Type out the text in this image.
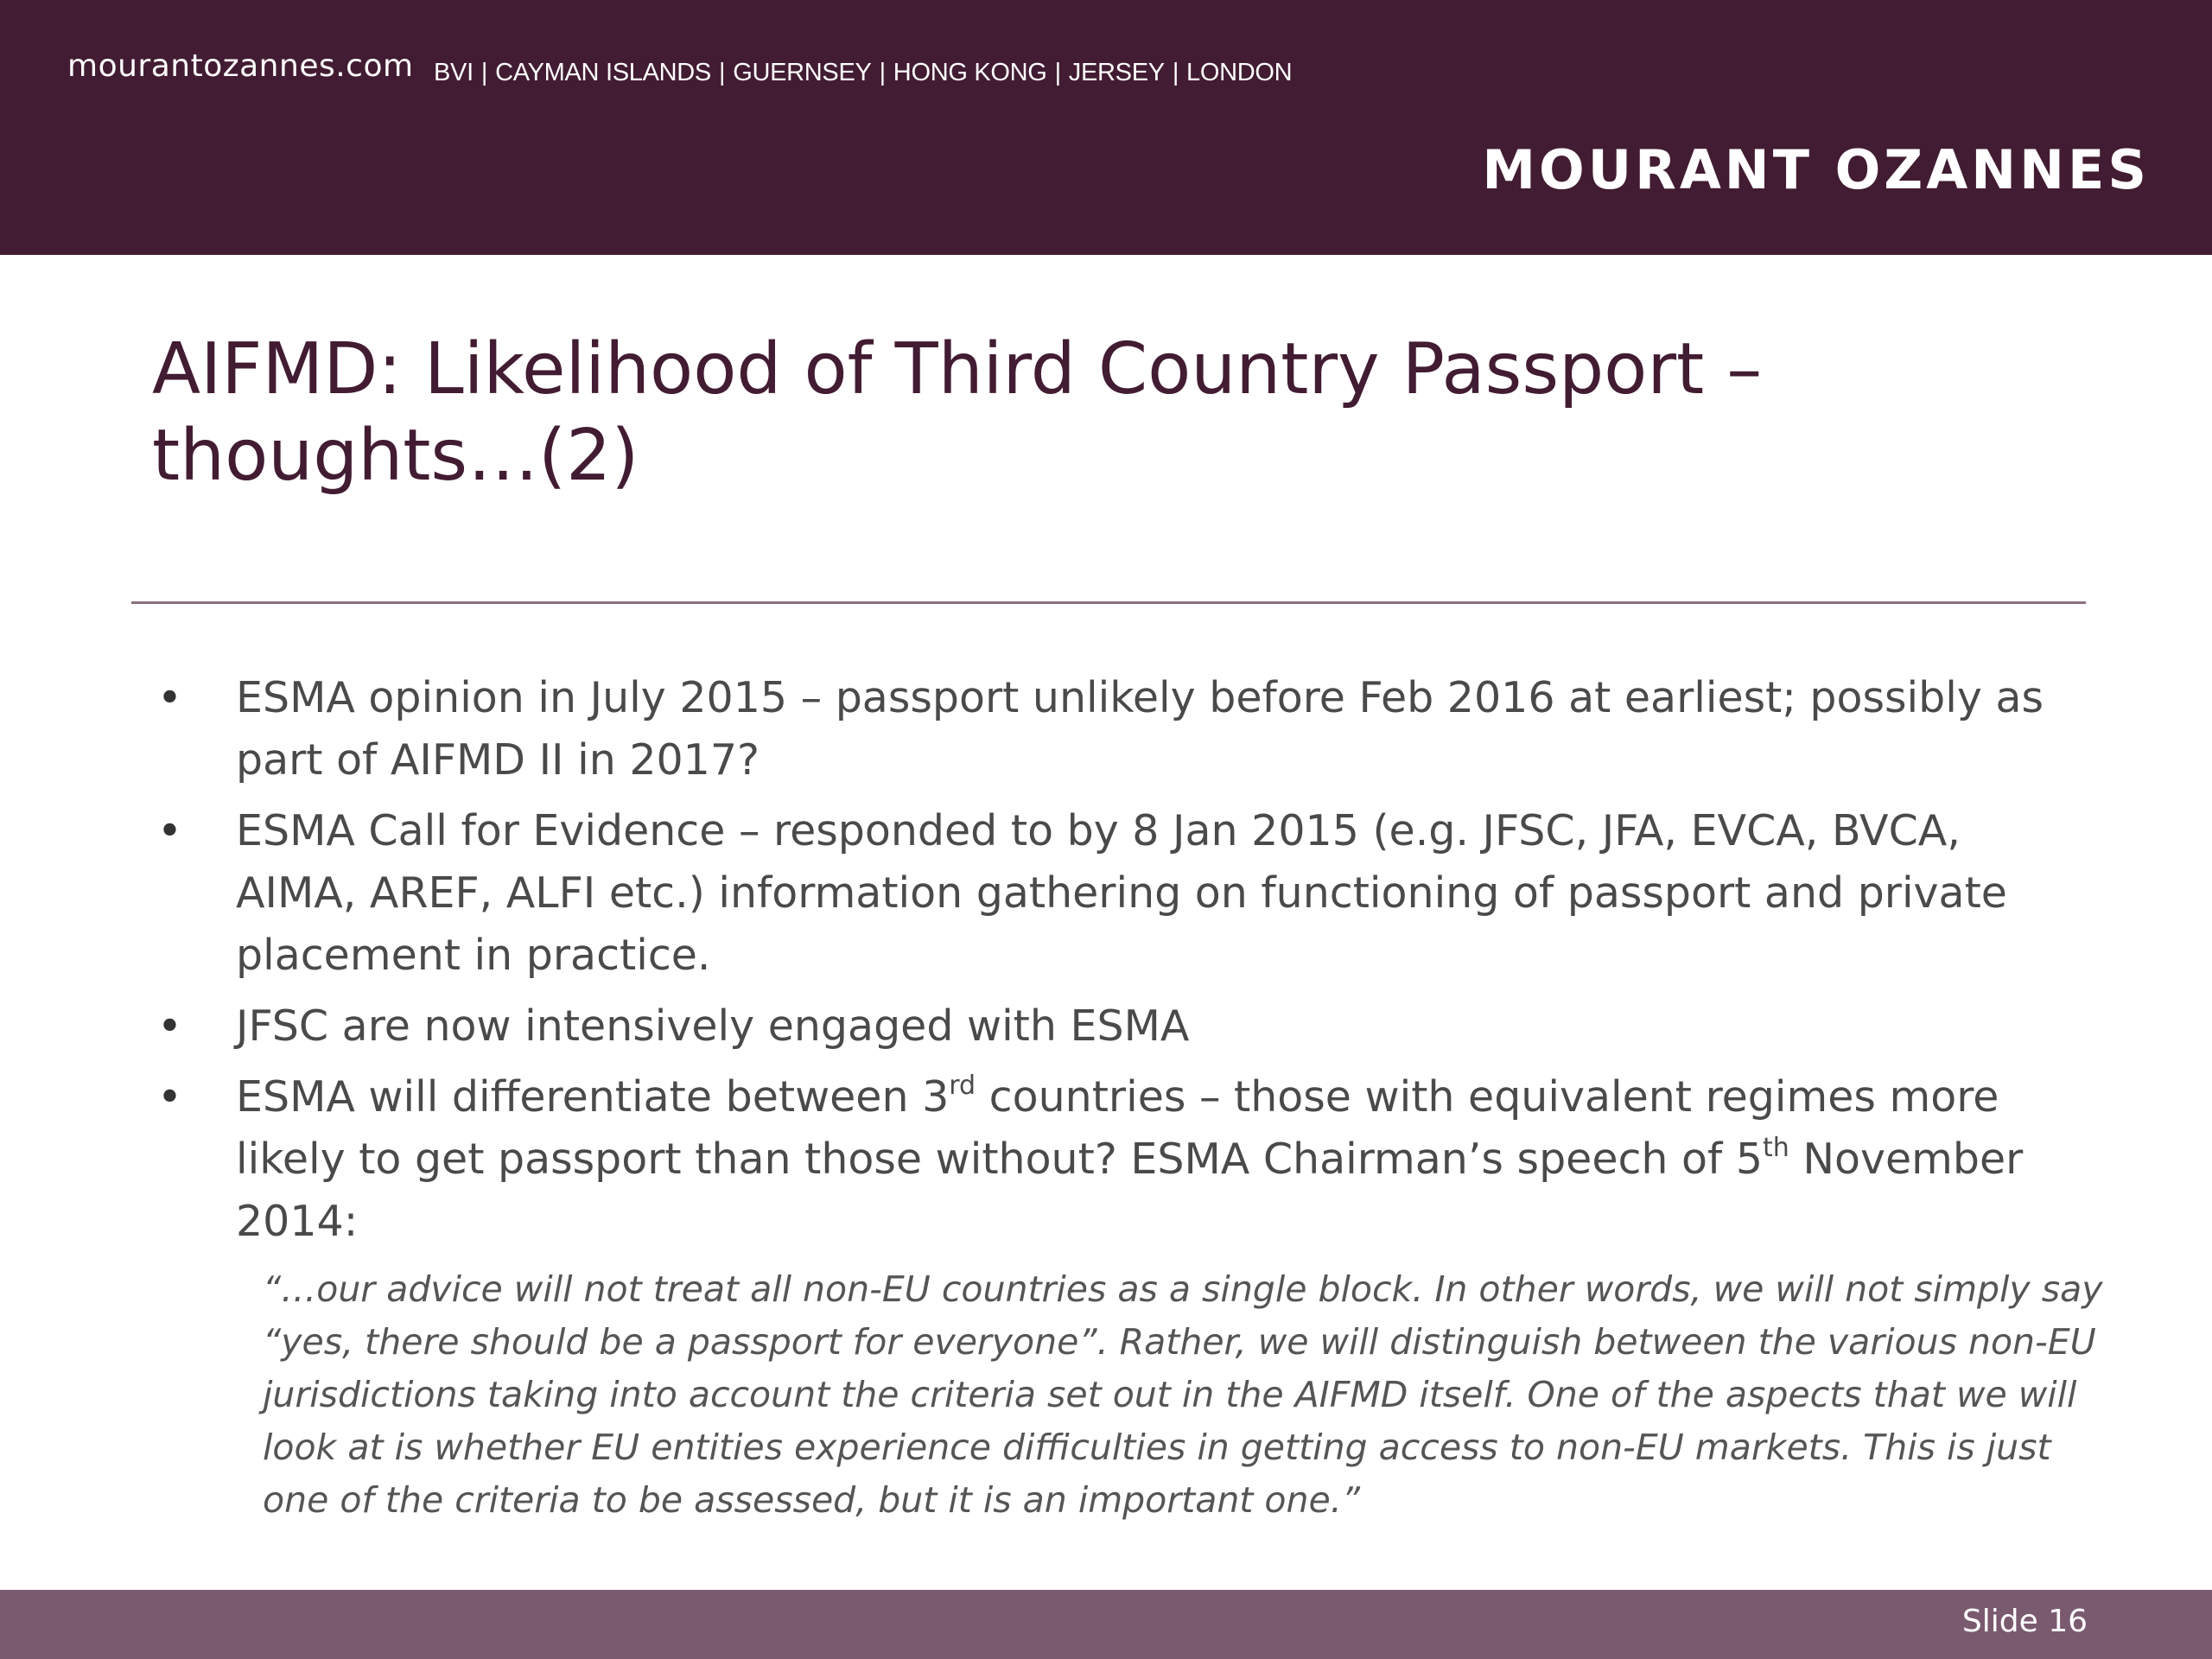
mourantozannes.com BVI | CAYMAN ISLANDS | GUERNSEY | HONG KONG | JERSEY | LONDON
MOURANT OZANNES
AIFMD: Likelihood of Third Country Passport –
thoughts…(2)
• ESMA opinion in July 2015 – passport unlikely before Feb 2016 at earliest; possibly as part of AIFMD II in 2017?
• ESMA Call for Evidence – responded to by 8 Jan 2015 (e.g. JFSC, JFA, EVCA, BVCA, AIMA, AREF, ALFI etc.) information gathering on functioning of passport and private placement in practice.
• JFSC are now intensively engaged with ESMA
• ESMA will differentiate between 3rd countries – those with equivalent regimes more likely to get passport than those without? ESMA Chairman’s speech of 5th November 2014:

“…our advice will not treat all non-EU countries as a single block. In other words, we will not simply say “yes, there should be a passport for everyone”. Rather, we will distinguish between the various non-EU jurisdictions taking into account the criteria set out in the AIFMD itself. One of the aspects that we will look at is whether EU entities experience difficulties in getting access to non-EU markets. This is just one of the criteria to be assessed, but it is an important one.”

Slide 16
